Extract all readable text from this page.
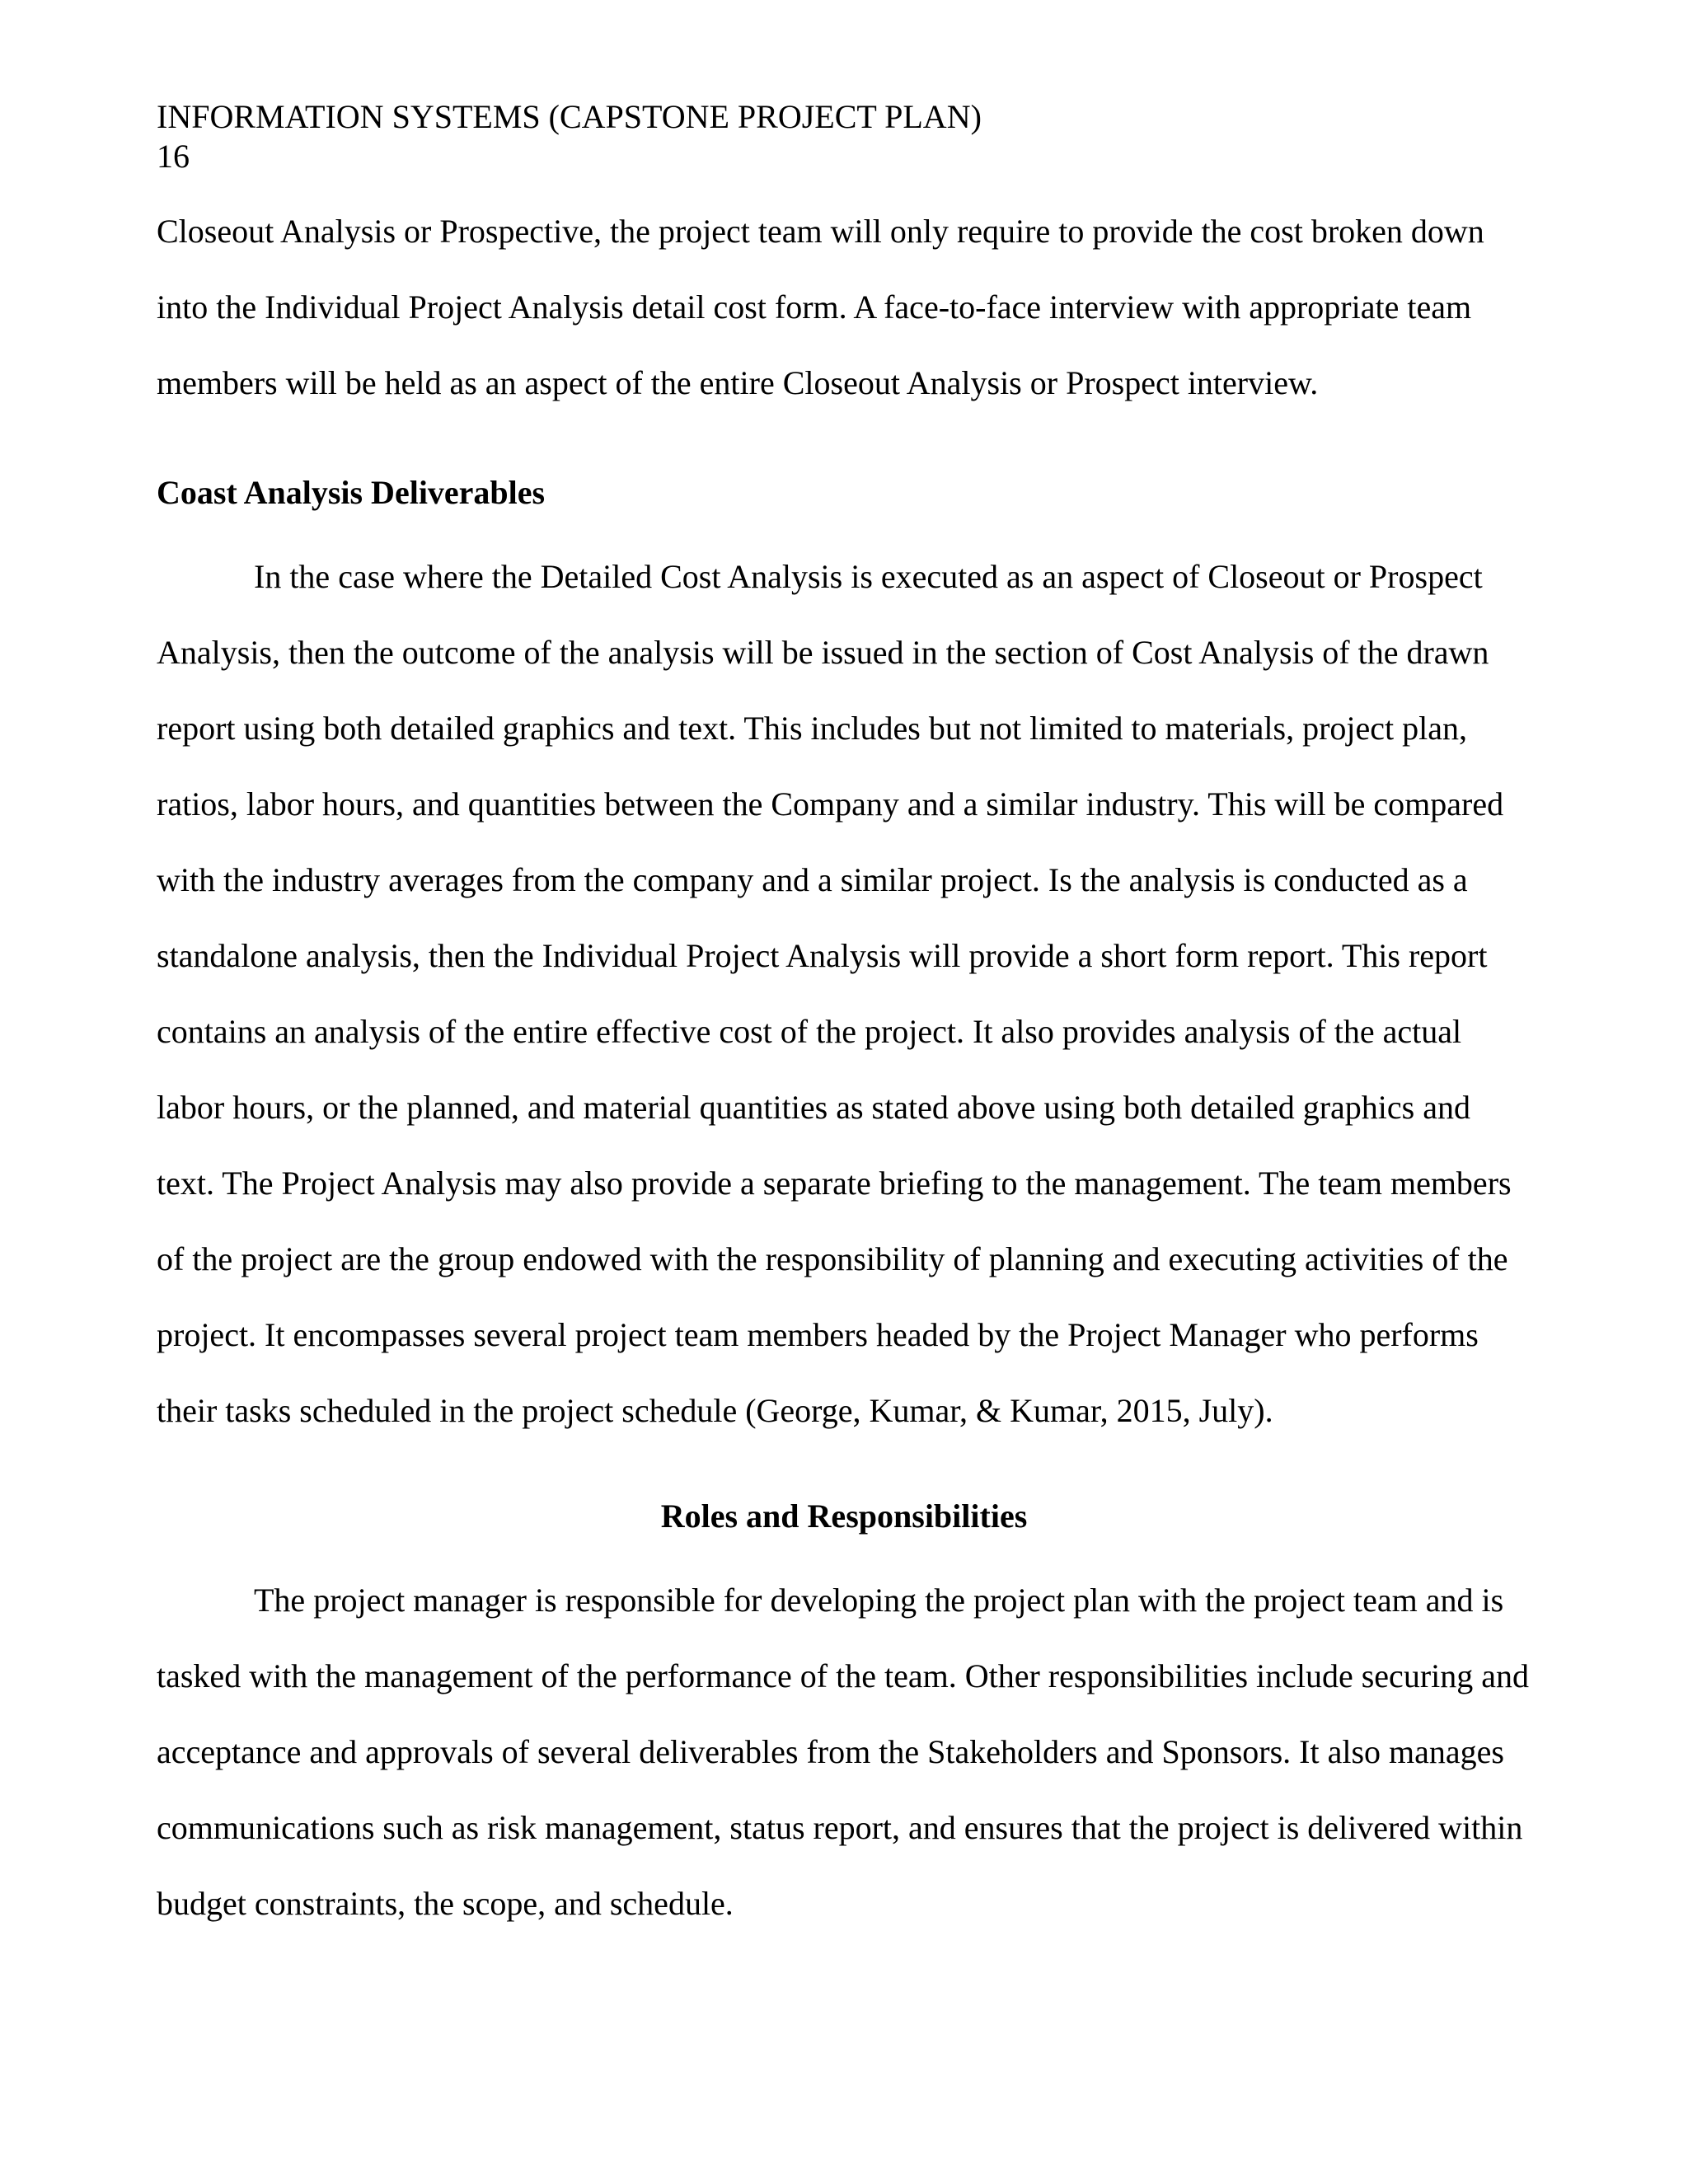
INFORMATION SYSTEMS (CAPSTONE PROJECT PLAN)
16

Closeout Analysis or Prospective, the project team will only require to provide the cost broken down into the Individual Project Analysis detail cost form. A face-to-face interview with appropriate team members will be held as an aspect of the entire Closeout Analysis or Prospect interview.

Coast Analysis Deliverables

In the case where the Detailed Cost Analysis is executed as an aspect of Closeout or Prospect Analysis, then the outcome of the analysis will be issued in the section of Cost Analysis of the drawn report using both detailed graphics and text. This includes but not limited to materials, project plan, ratios, labor hours, and quantities between the Company and a similar industry. This will be compared with the industry averages from the company and a similar project. Is the analysis is conducted as a standalone analysis, then the Individual Project Analysis will provide a short form report. This report contains an analysis of the entire effective cost of the project. It also provides analysis of the actual labor hours, or the planned, and material quantities as stated above using both detailed graphics and text. The Project Analysis may also provide a separate briefing to the management. The team members of the project are the group endowed with the responsibility of planning and executing activities of the project. It encompasses several project team members headed by the Project Manager who performs their tasks scheduled in the project schedule (George, Kumar, & Kumar, 2015, July).

Roles and Responsibilities

The project manager is responsible for developing the project plan with the project team and is tasked with the management of the performance of the team. Other responsibilities include securing and acceptance and approvals of several deliverables from the Stakeholders and Sponsors. It also manages communications such as risk management, status report, and ensures that the project is delivered within budget constraints, the scope, and schedule.
